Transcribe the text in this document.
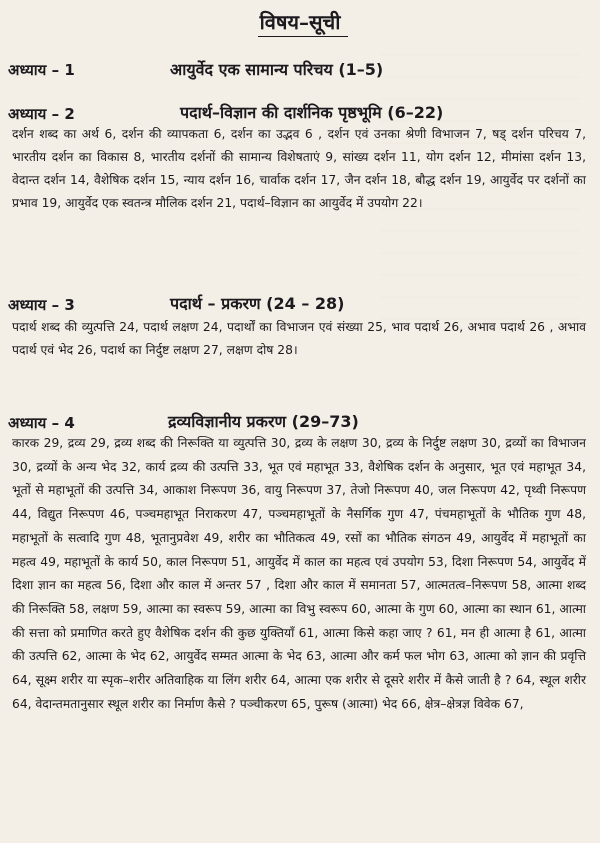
विषय–सूची
अध्याय – 1	आयुर्वेद एक सामान्य परिचय (1–5)
अध्याय – 2	पदार्थ–विज्ञान की दार्शनिक पृष्ठभूमि (6–22)
दर्शन शब्द का अर्थ 6, दर्शन की व्यापकता 6, दर्शन का उद्भव 6 , दर्शन एवं उनका श्रेणी विभाजन 7, षड् दर्शन परिचय 7, भारतीय दर्शन का विकास 8, भारतीय दर्शनों की सामान्य विशेषताएं 9, सांख्य दर्शन 11, योग दर्शन 12, मीमांसा दर्शन 13, वेदान्त दर्शन 14, वैशेषिक दर्शन 15, न्याय दर्शन 16, चार्वाक दर्शन 17, जैन दर्शन 18, बौद्ध दर्शन 19, आयुर्वेद पर दर्शनों का प्रभाव 19, आयुर्वेद एक स्वतन्त्र मौलिक दर्शन 21, पदार्थ–विज्ञान का आयुर्वेद में उपयोग 22।
अध्याय – 3	पदार्थ – प्रकरण (24 – 28)
पदार्थ शब्द की व्युत्पत्ति 24, पदार्थ लक्षण 24, पदार्थों का विभाजन एवं संख्या 25, भाव पदार्थ 26, अभाव पदार्थ 26 , अभाव पदार्थ एवं भेद 26, पदार्थ का निर्दुष्ट लक्षण 27, लक्षण दोष 28।
अध्याय – 4	द्रव्यविज्ञानीय प्रकरण (29–73)
कारक 29, द्रव्य 29, द्रव्य शब्द की निरूक्ति या व्युत्पत्ति 30, द्रव्य के लक्षण 30, द्रव्य के निर्दुष्ट लक्षण 30, द्रव्यों का विभाजन 30, द्रव्यों के अन्य भेद 32, कार्य द्रव्य की उत्पत्ति 33, भूत एवं महाभूत 33, वैशेषिक दर्शन के अनुसार, भूत एवं महाभूत 34, भूतों से महाभूतों की उत्पत्ति 34, आकाश निरूपण 36, वायु निरूपण 37, तेजो निरूपण 40, जल निरूपण 42, पृथ्वी निरूपण 44, विद्युत निरूपण 46, पञ्चमहाभूत निराकरण 47, पञ्चमहाभूतों के नैसर्गिक गुण 47, पंचमहाभूतों के भौतिक गुण 48, महाभूतों के सत्वादि गुण 48, भूतानुप्रवेश 49, शरीर का भौतिकत्व 49, रसों का भौतिक संगठन 49, आयुर्वेद में महाभूतों का महत्व 49, महाभूतों के कार्य 50, काल निरूपण 51, आयुर्वेद में काल का महत्व एवं उपयोग 53, दिशा निरूपण 54, आयुर्वेद में दिशा ज्ञान का महत्व 56, दिशा और काल में अन्तर 57 , दिशा और काल में समानता 57, आत्मतत्व–निरूपण 58, आत्मा शब्द की निरूक्ति 58, लक्षण 59, आत्मा का स्वरूप 59, आत्मा का विभु स्वरूप 60, आत्मा के गुण 60, आत्मा का स्थान 61, आत्मा की सत्ता को प्रमाणित करते हुए वैशेषिक दर्शन की कुछ युक्तियाँ 61, आत्मा किसे कहा जाए ? 61, मन ही आत्मा है 61, आत्मा की उत्पत्ति 62, आत्मा के भेद 62, आयुर्वेद सम्मत आत्मा के भेद 63, आत्मा और कर्म फल भोग 63, आत्मा को ज्ञान की प्रवृत्ति 64, सूक्ष्म शरीर या स्पृक–शरीर अतिवाहिक या लिंग शरीर 64, आत्मा एक शरीर से दूसरे शरीर में कैसे जाती है ? 64, स्थूल शरीर 64, वेदान्तमतानुसार स्थूल शरीर का निर्माण कैसे ? पञ्चीकरण 65, पुरूष (आत्मा) भेद 66, क्षेत्र–क्षेत्रज्ञ विवेक 67,
